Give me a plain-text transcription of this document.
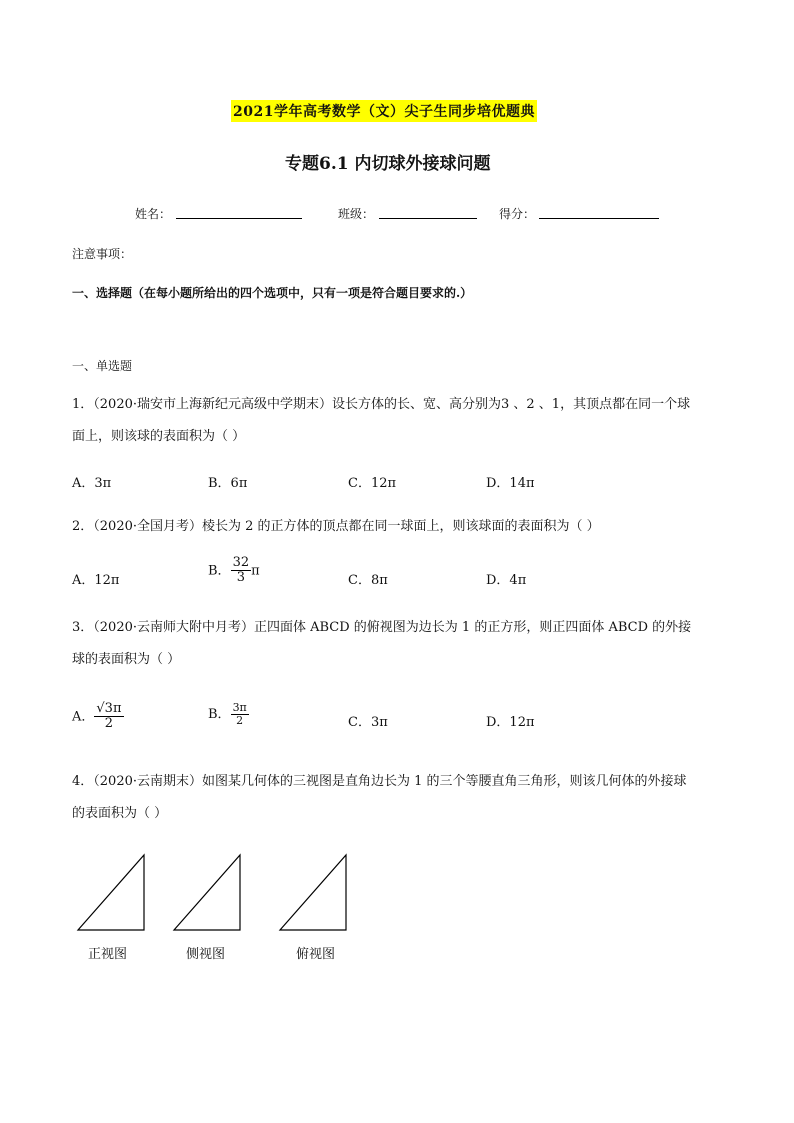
2021学年高考数学（文）尖子生同步培优题典
专题6.1 内切球外接球问题
姓名：	班级：	得分：
注意事项：
一、选择题（在每小题所给出的四个选项中，只有一项是符合题目要求的.）
一、单选题
1．（2020·瑞安市上海新纪元高级中学期末）设长方体的长、宽、高分别为3 、2 、1，其顶点都在同一个球
面上，则该球的表面积为（ ）
A．3π	B．6π	C．12π	D．14π
2．（2020·全国月考）棱长为 2 的正方体的顶点都在同一球面上，则该球面的表面积为（ ）
A．12π
B． $\frac{32}{3}$ π
C．8π	D．4π
3．（2020·云南师大附中月考）正四面体 ABCD 的俯视图为边长为 1 的正方形，则正四面体 ABCD 的外接
球的表面积为（ ）
A． $\frac{√3\pi}{2}$	B． $\frac{3\pi}{2}$	C．3π	D．12π
4．（2020·云南期末）如图某几何体的三视图是直角边长为 1 的三个等腰直角三角形，则该几何体的外接球
的表面积为（ ）
正视图	侧视图	俯视图
